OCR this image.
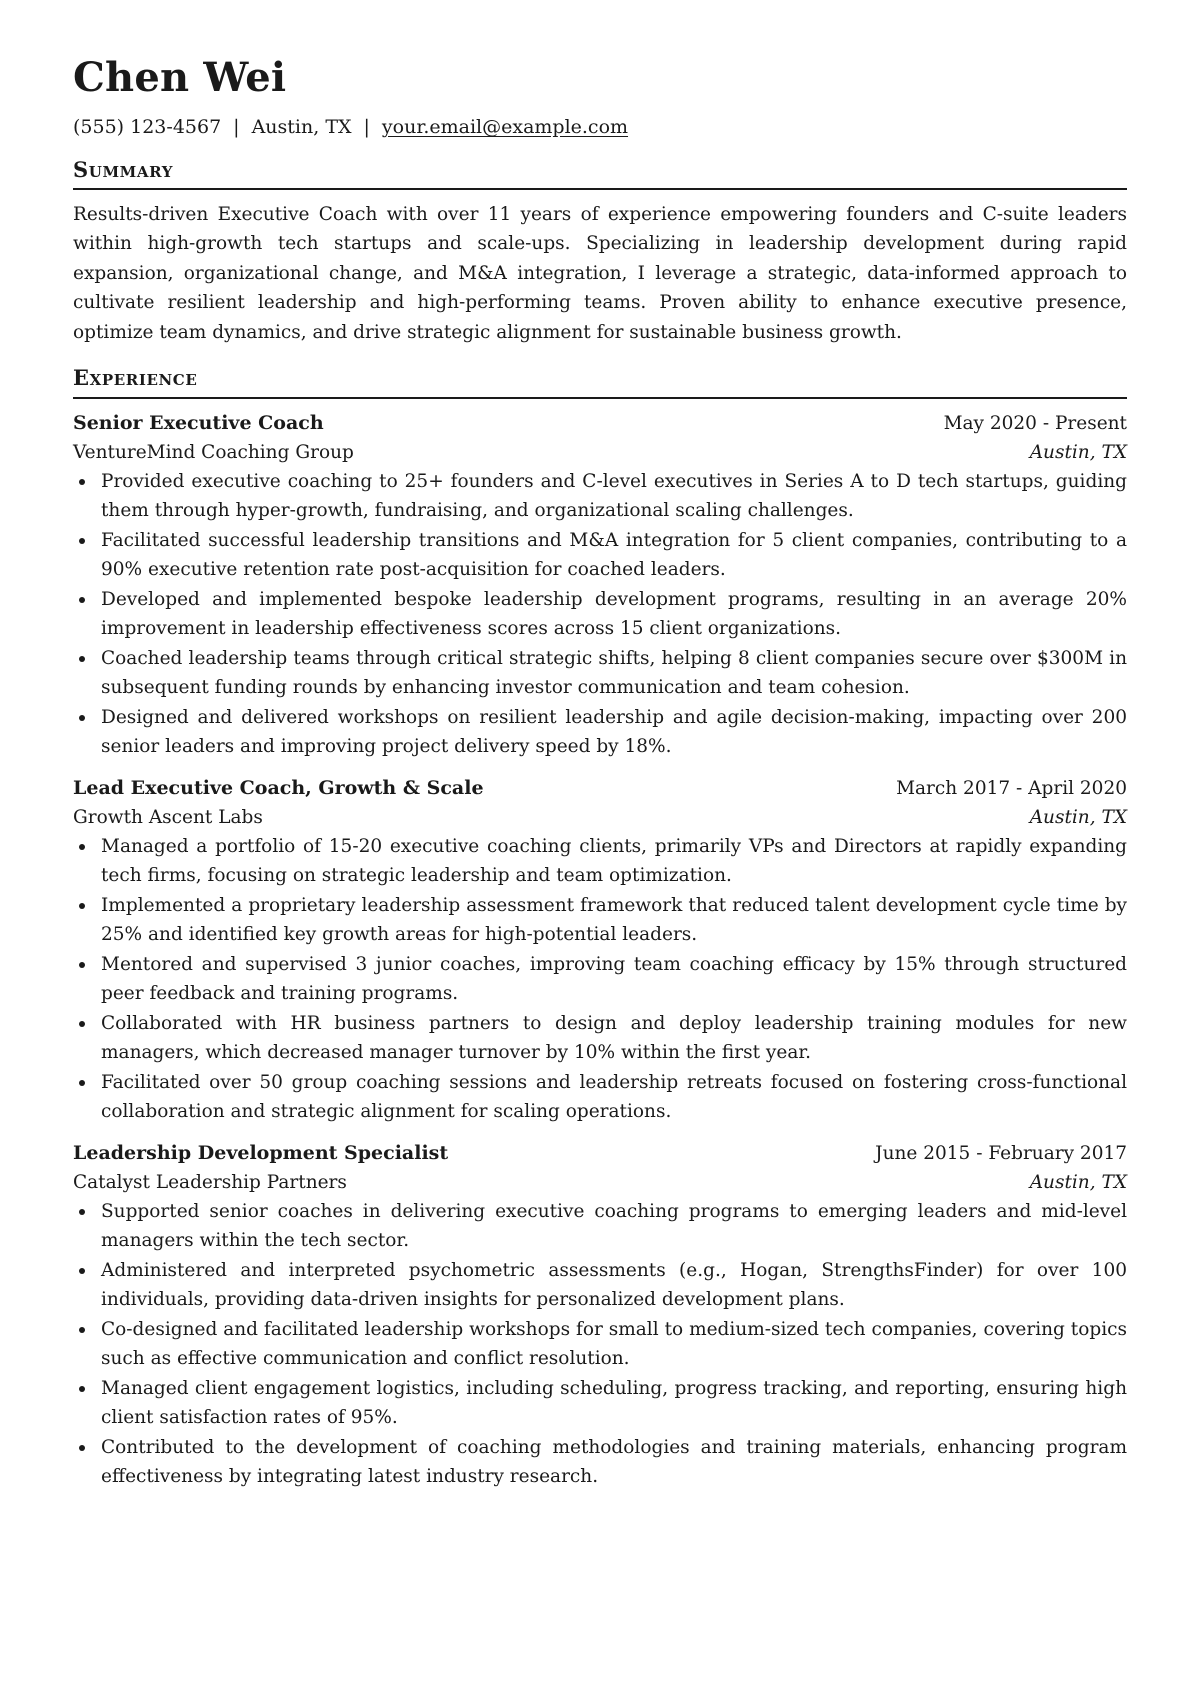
Chen Wei
(555) 123-4567 | Austin, TX | your.email@example.com
Summary

Results-driven Executive Coach with over 11 years of experience empowering founders and C-suite leaders within high-growth tech startups and scale-ups. Specializing in leadership development during rapid expansion, organizational change, and M&A integration, I leverage a strategic, data-informed approach to cultivate resilient leadership and high-performing teams. Proven ability to enhance executive presence, optimize team dynamics, and drive strategic alignment for sustainable business growth.

Experience
Senior Executive Coach	May 2020 - Present
VentureMind Coaching Group	Austin, TX
Provided executive coaching to 25+ founders and C-level executives in Series A to D tech startups, guiding them through hyper-growth, fundraising, and organizational scaling challenges.
Facilitated successful leadership transitions and M&A integration for 5 client companies, contributing to a 90% executive retention rate post-acquisition for coached leaders.
Developed and implemented bespoke leadership development programs, resulting in an average 20% improvement in leadership effectiveness scores across 15 client organizations.
Coached leadership teams through critical strategic shifts, helping 8 client companies secure over $300M in subsequent funding rounds by enhancing investor communication and team cohesion.
Designed and delivered workshops on resilient leadership and agile decision-making, impacting over 200 senior leaders and improving project delivery speed by 18%.
Lead Executive Coach, Growth & Scale	March 2017 - April 2020
Growth Ascent Labs	Austin, TX
Managed a portfolio of 15-20 executive coaching clients, primarily VPs and Directors at rapidly expanding tech firms, focusing on strategic leadership and team optimization.
Implemented a proprietary leadership assessment framework that reduced talent development cycle time by 25% and identified key growth areas for high-potential leaders.
Mentored and supervised 3 junior coaches, improving team coaching efficacy by 15% through structured peer feedback and training programs.
Collaborated with HR business partners to design and deploy leadership training modules for new managers, which decreased manager turnover by 10% within the first year.
Facilitated over 50 group coaching sessions and leadership retreats focused on fostering cross-functional collaboration and strategic alignment for scaling operations.
Leadership Development Specialist	June 2015 - February 2017
Catalyst Leadership Partners	Austin, TX
Supported senior coaches in delivering executive coaching programs to emerging leaders and mid-level managers within the tech sector.
Administered and interpreted psychometric assessments (e.g., Hogan, StrengthsFinder) for over 100 individuals, providing data-driven insights for personalized development plans.
Co-designed and facilitated leadership workshops for small to medium-sized tech companies, covering topics such as effective communication and conflict resolution.
Managed client engagement logistics, including scheduling, progress tracking, and reporting, ensuring high client satisfaction rates of 95%.
Contributed to the development of coaching methodologies and training materials, enhancing program effectiveness by integrating latest industry research.
